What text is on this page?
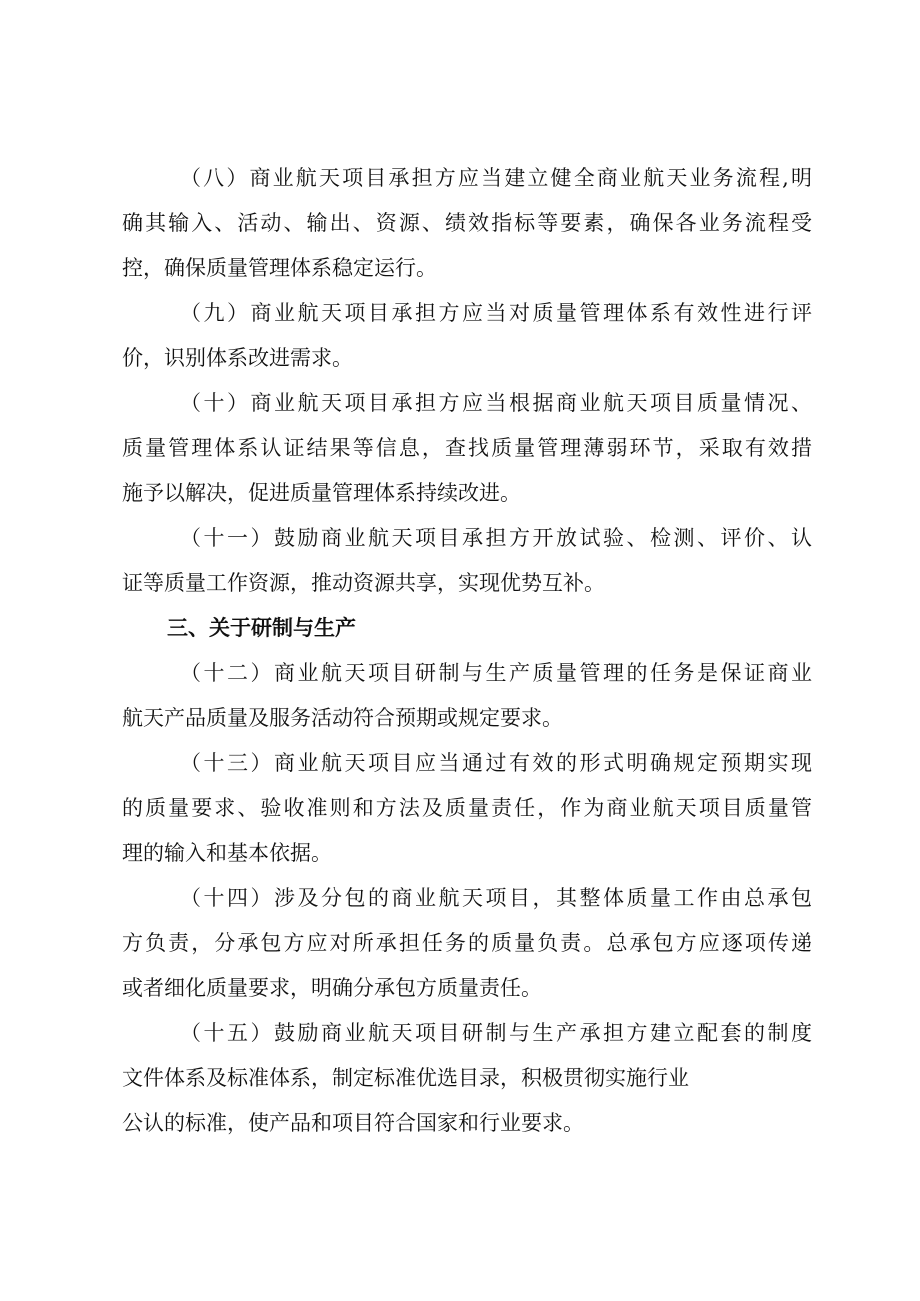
（八）商业航天项目承担方应当建立健全商业航天业务流程,明
确其输入、活动、输出、资源、绩效指标等要素，确保各业务流程受
控，确保质量管理体系稳定运行。
（九）商业航天项目承担方应当对质量管理体系有效性进行评
价，识别体系改进需求。
（十）商业航天项目承担方应当根据商业航天项目质量情况、
质量管理体系认证结果等信息，查找质量管理薄弱环节，采取有效措
施予以解决，促进质量管理体系持续改进。
（十一）鼓励商业航天项目承担方开放试验、检测、评价、认
证等质量工作资源，推动资源共享，实现优势互补。
三、关于研制与生产
（十二）商业航天项目研制与生产质量管理的任务是保证商业
航天产品质量及服务活动符合预期或规定要求。
（十三）商业航天项目应当通过有效的形式明确规定预期实现
的质量要求、验收准则和方法及质量责任，作为商业航天项目质量管
理的输入和基本依据。
（十四）涉及分包的商业航天项目，其整体质量工作由总承包
方负责，分承包方应对所承担任务的质量负责。总承包方应逐项传递
或者细化质量要求，明确分承包方质量责任。
（十五）鼓励商业航天项目研制与生产承担方建立配套的制度
文件体系及标准体系，制定标准优选目录，积极贯彻实施行业
公认的标准，使产品和项目符合国家和行业要求。
